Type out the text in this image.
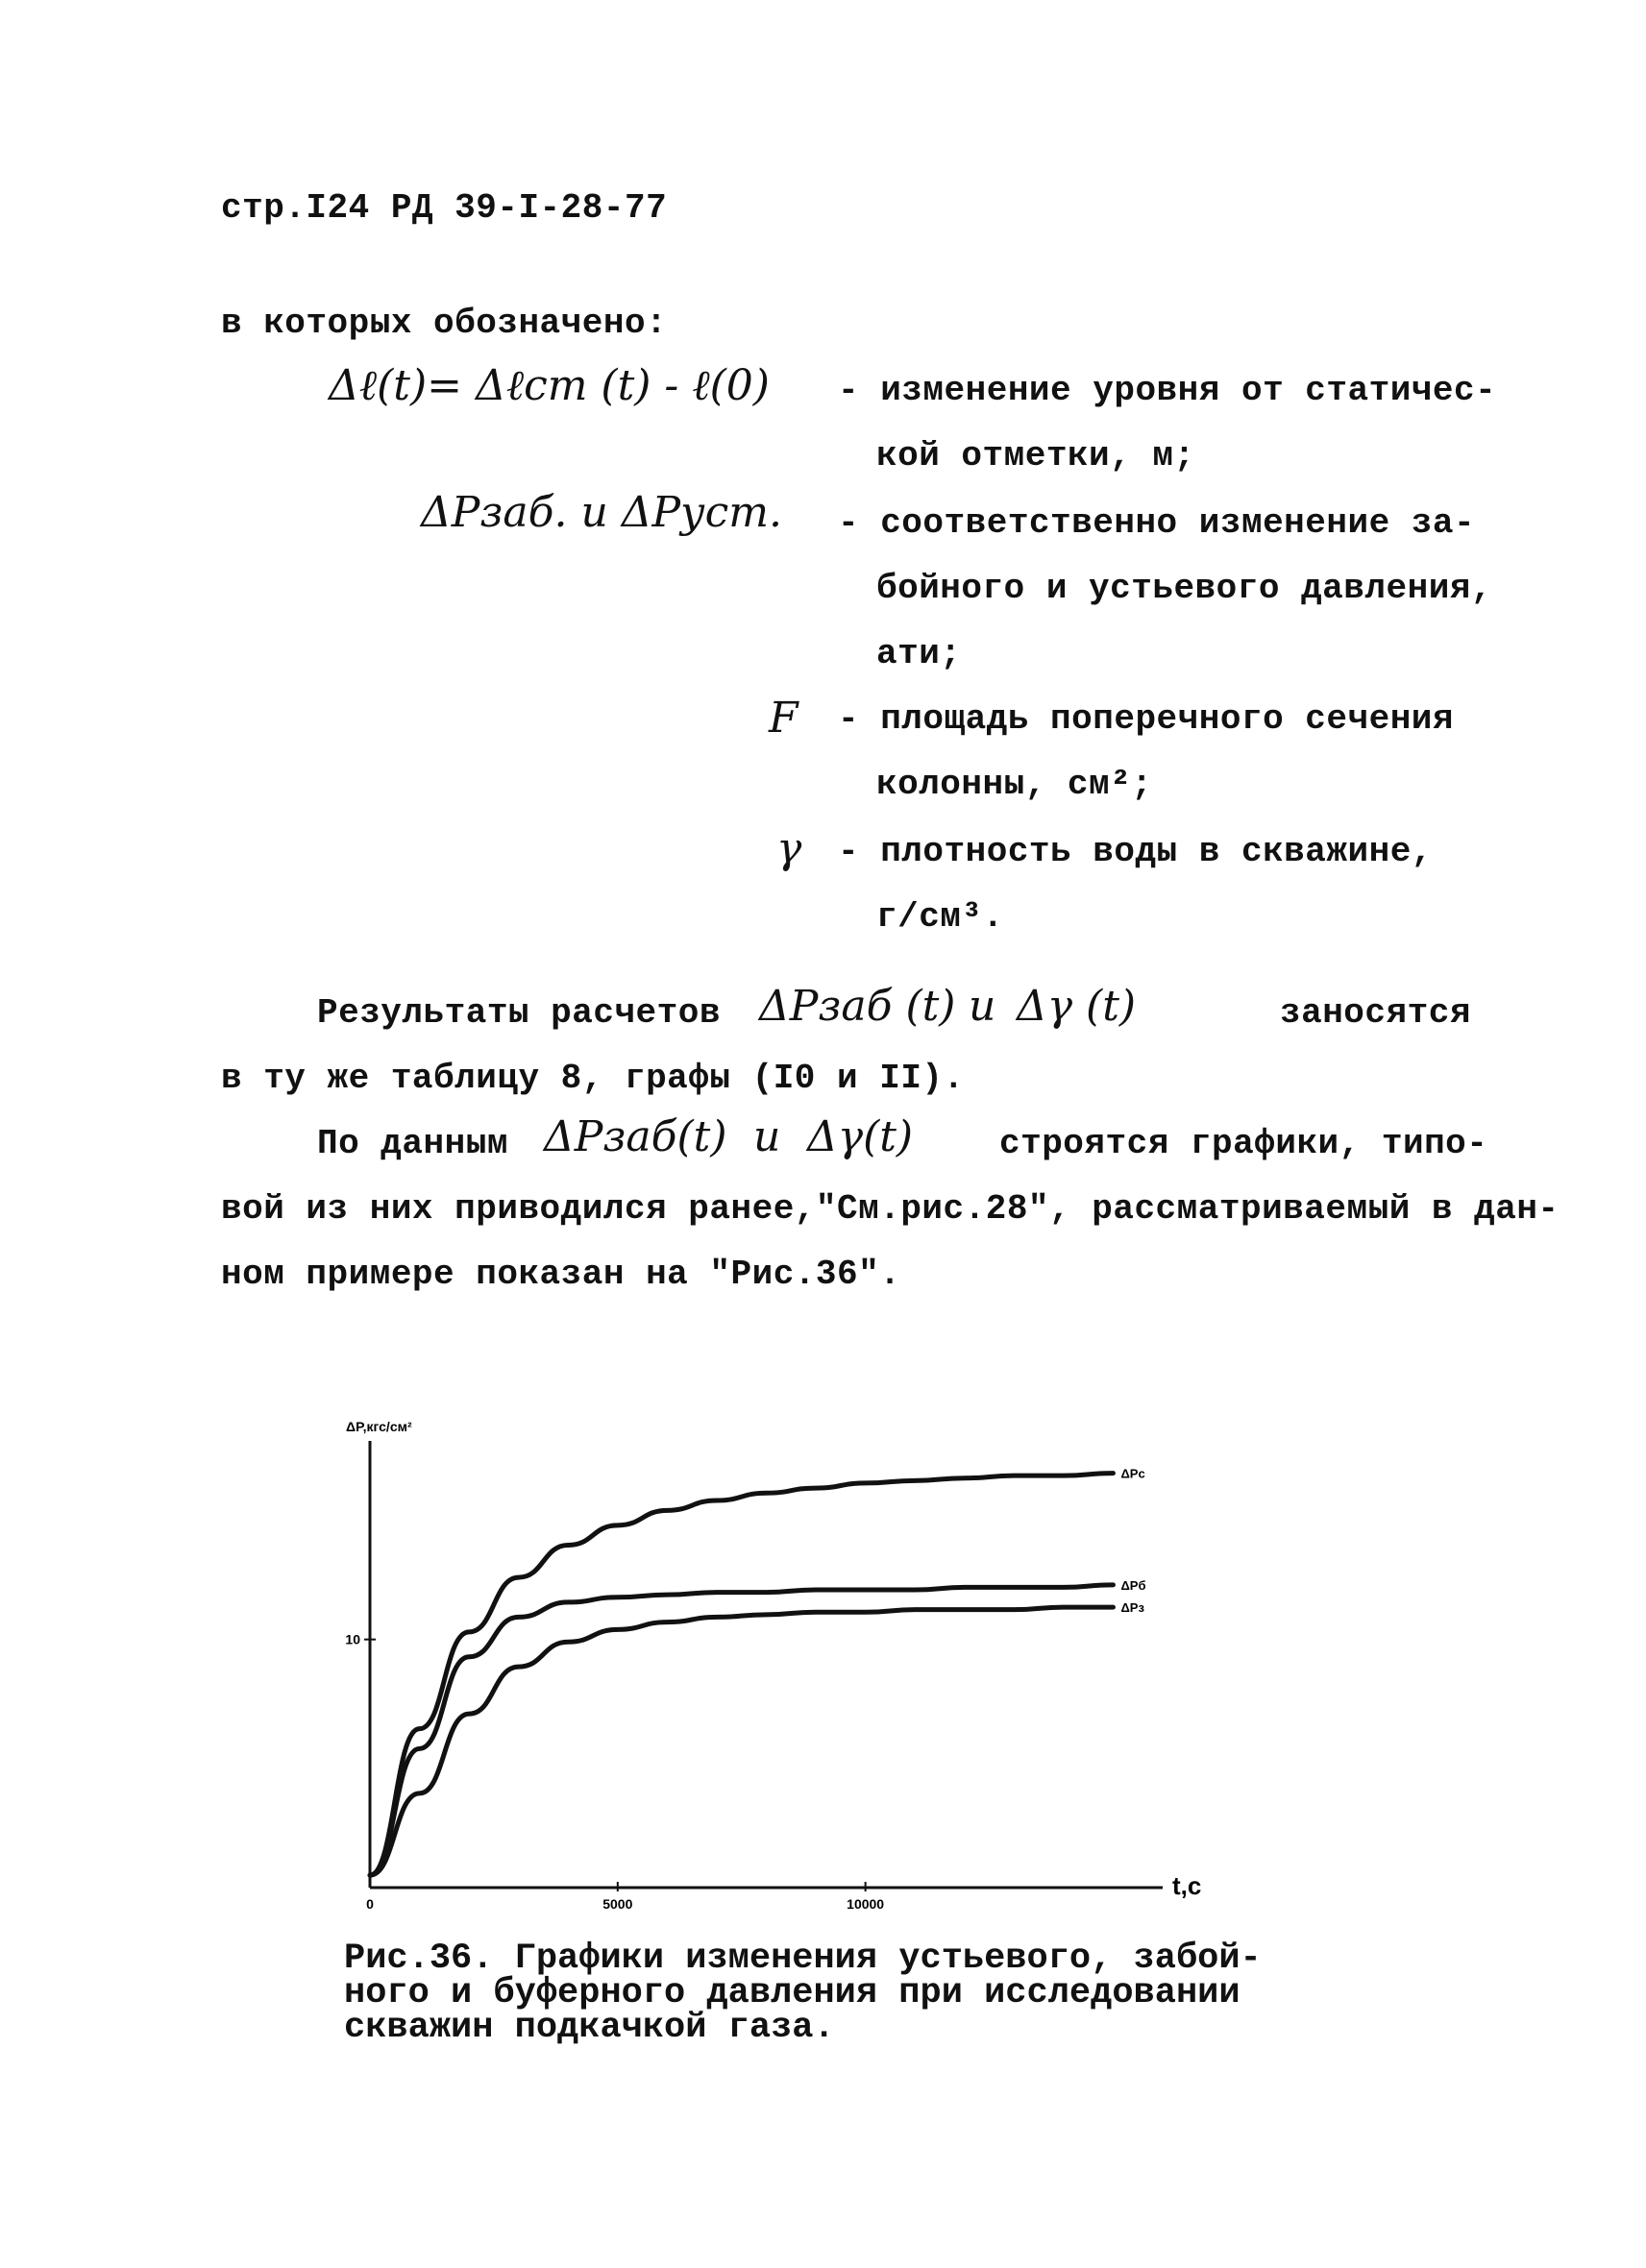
стр.I24 РД 39-I-28-77
в которых обозначено:
Δℓ(t)= Δℓcm (t) - ℓ(0) - изменение уровня от статичес-
кой отметки, м;
ΔPзаб. и ΔPуст. - соответственно изменение за-
бойного и устьевого давления,
ати;
F - площадь поперечного сечения
колонны, см²;
γ - плотность воды в скважине,
г/см³.
Результаты расчетов ΔPзаб (t) и Δγ (t)	заносятся
в ту же таблицу 8, графы (I0 и II).
По данным ΔPзаб(t) и Δγ(t) строятся графики, типо-
вой из них приводился ранее,"См.рис.28", рассматриваемый в дан-
ном примере показан на "Рис.36".
ΔP,кгс/см²
t,c
0	5000	10000
10
ΔPc
ΔPб
ΔPз
Рис.36. Графики изменения устьевого, забой-
ного и буферного давления при исследовании
скважин подкачкой газа.
